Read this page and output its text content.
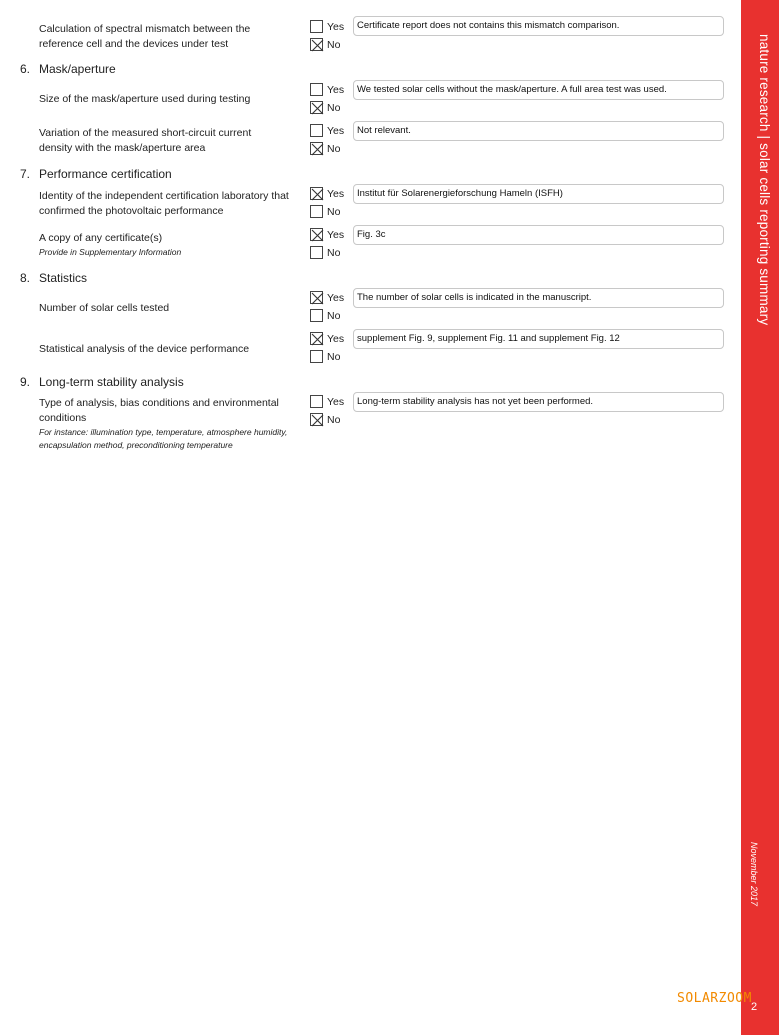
Calculation of spectral mismatch between the reference cell and the devices under test
Yes
No
Certificate report does not contains this mismatch comparison.
6. Mask/aperture
Size of the mask/aperture used during testing
Yes
No
We tested solar cells without the mask/aperture. A full area test was used.
Variation of the measured short-circuit current density with the mask/aperture area
Yes
No
Not relevant.
7. Performance certification
Identity of the independent certification laboratory that confirmed the photovoltaic performance
Yes
No
Institut für Solarenergieforschung Hameln (ISFH)
A copy of any certificate(s)
Provide in Supplementary Information
Yes
No
Fig. 3c
8. Statistics
Number of solar cells tested
Yes
No
The number of solar cells is indicated in the manuscript.
Statistical analysis of the device performance
Yes
No
supplement Fig. 9, supplement Fig. 11 and supplement Fig. 12
9. Long-term stability analysis
Type of analysis, bias conditions and environmental conditions
For instance: illumination type, temperature, atmosphere humidity, encapsulation method, preconditioning temperature
Yes
No
Long-term stability analysis has not yet been performed.
nature research | solar cells reporting summary
November 2017
2
SOLARZOOM
